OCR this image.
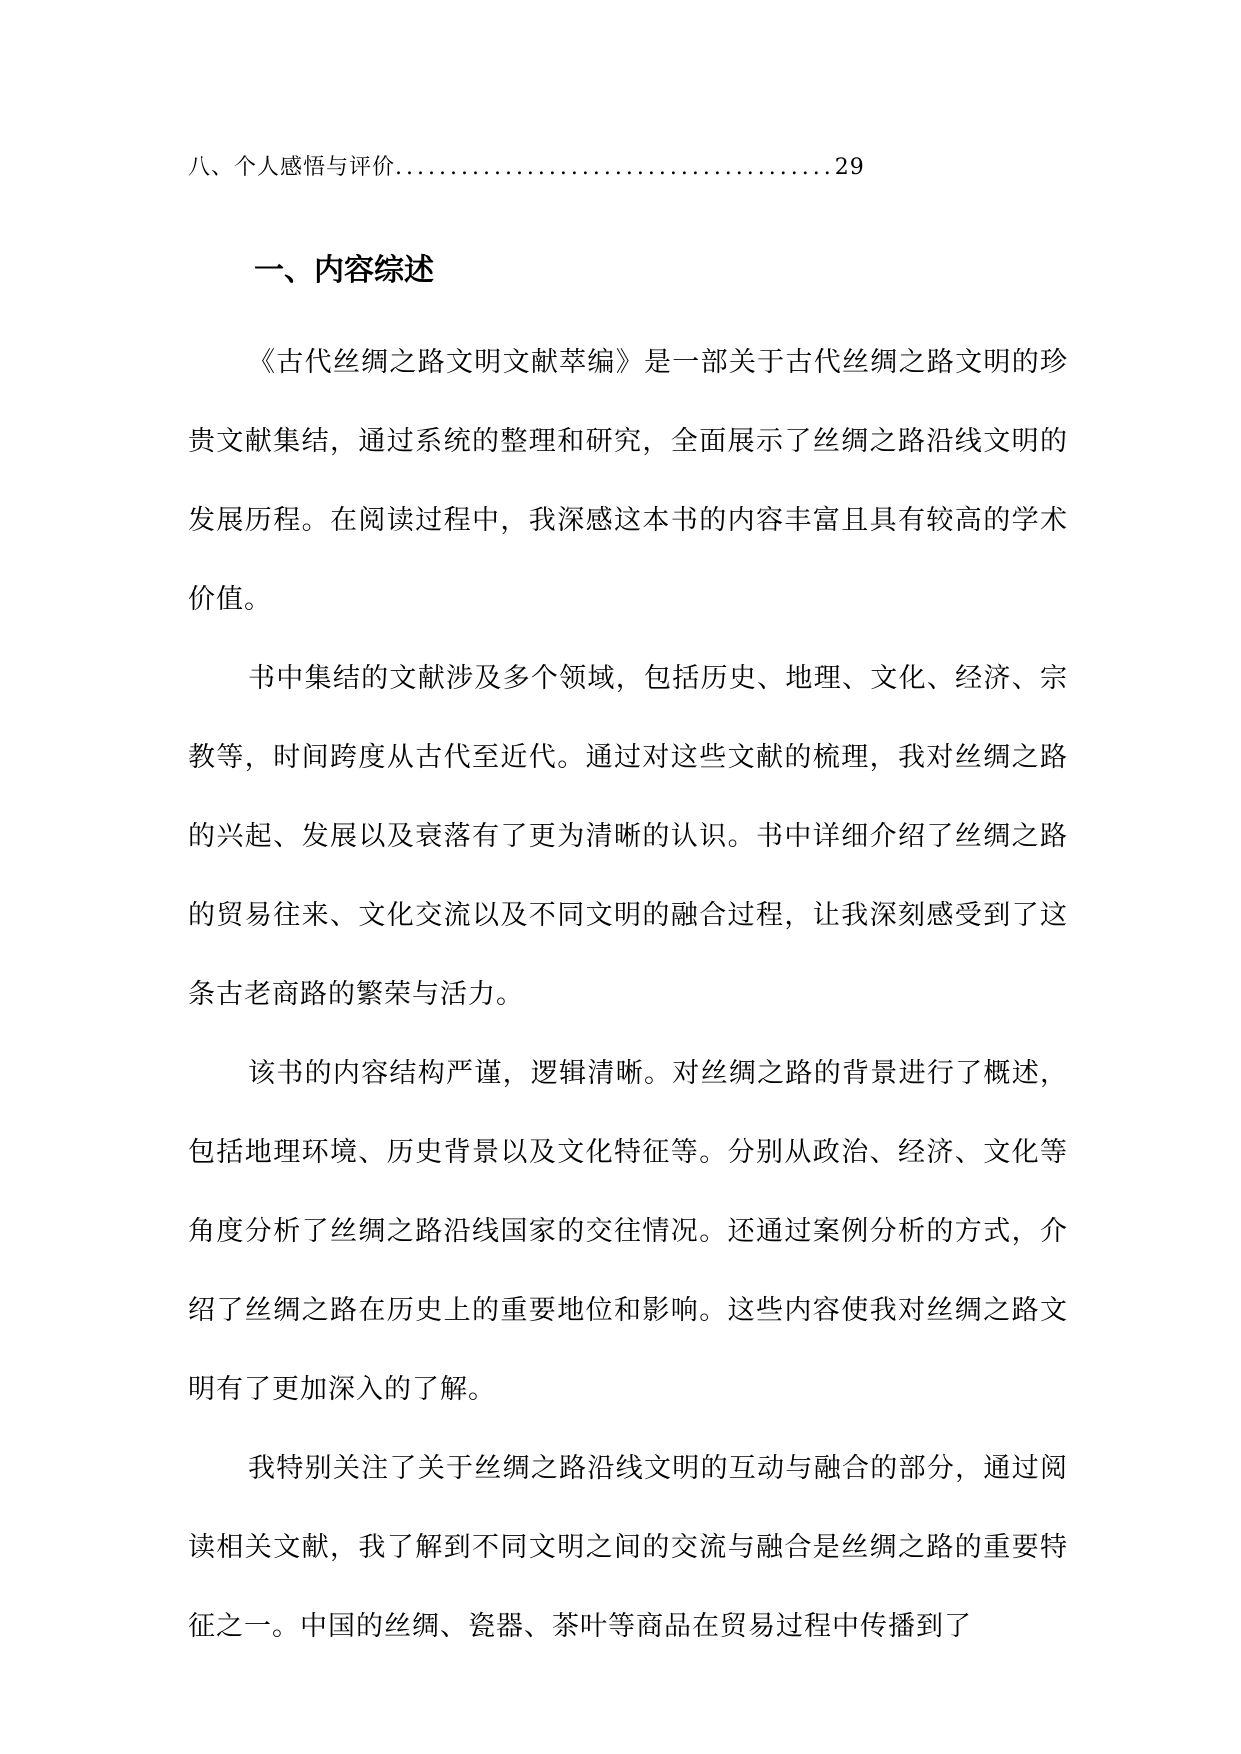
八、个人感悟与评价........................................29
一、内容综述

《古代丝绸之路文明文献萃编》是一部关于古代丝绸之路文明的珍贵文献集结，通过系统的整理和研究，全面展示了丝绸之路沿线文明的发展历程。在阅读过程中，我深感这本书的内容丰富且具有较高的学术价值。

书中集结的文献涉及多个领域，包括历史、地理、文化、经济、宗教等，时间跨度从古代至近代。通过对这些文献的梳理，我对丝绸之路的兴起、发展以及衰落有了更为清晰的认识。书中详细介绍了丝绸之路的贸易往来、文化交流以及不同文明的融合过程，让我深刻感受到了这条古老商路的繁荣与活力。

该书的内容结构严谨，逻辑清晰。对丝绸之路的背景进行了概述，包括地理环境、历史背景以及文化特征等。分别从政治、经济、文化等角度分析了丝绸之路沿线国家的交往情况。还通过案例分析的方式，介绍了丝绸之路在历史上的重要地位和影响。这些内容使我对丝绸之路文明有了更加深入的了解。

我特别关注了关于丝绸之路沿线文明的互动与融合的部分，通过阅读相关文献，我了解到不同文明之间的交流与融合是丝绸之路的重要特征之一。中国的丝绸、瓷器、茶叶等商品在贸易过程中传播到了
